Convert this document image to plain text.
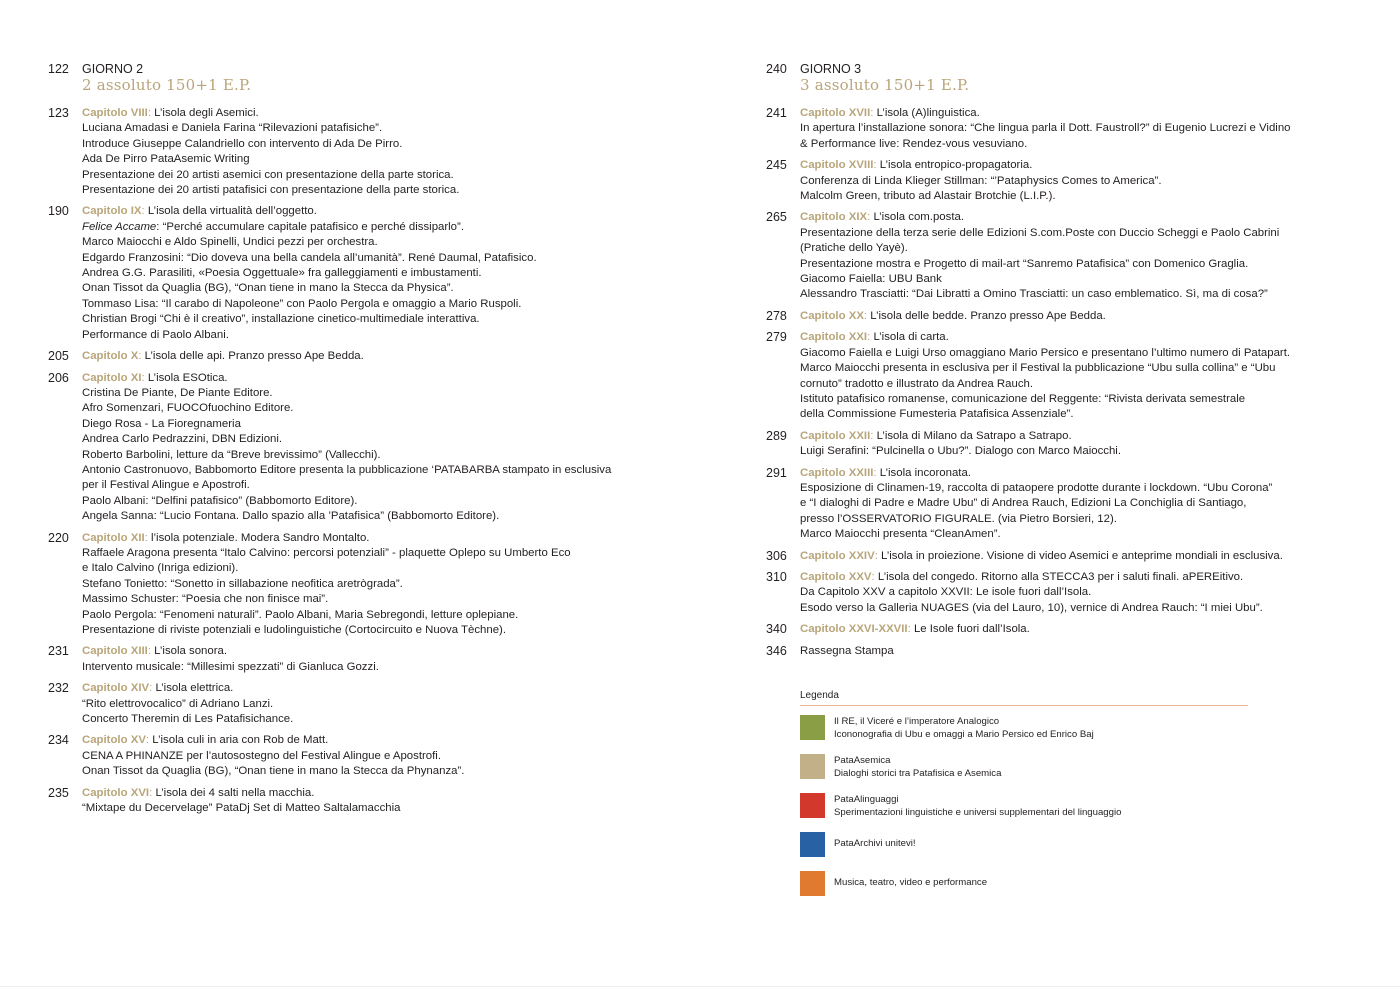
122 GIORNO 2
2 assoluto 150+1 E.P.
123 Capitolo VIII: L’isola degli Asemici.
Luciana Amadasi e Daniela Farina “Rilevazioni patafisiche”.
Introduce Giuseppe Calandriello con intervento di Ada De Pirro.
Ada De Pirro PataAsemic Writing
Presentazione dei 20 artisti asemici con presentazione della parte storica.
Presentazione dei 20 artisti patafisici con presentazione della parte storica.
190 Capitolo IX: L’isola della virtualità dell’oggetto.
Felice Accame: “Perché accumulare capitale patafisico e perché dissiparlo”.
Marco Maiocchi e Aldo Spinelli, Undici pezzi per orchestra.
Edgardo Franzosini: “Dio doveva una bella candela all’umanità”. René Daumal, Patafisico.
Andrea G.G. Parasiliti, «Poesia Oggettuale» fra galleggiamenti e imbustamenti.
Onan Tissot da Quaglia (BG), “Onan tiene in mano la Stecca da Physica”.
Tommaso Lisa: “Il carabo di Napoleone” con Paolo Pergola e omaggio a Mario Ruspoli.
Christian Brogi “Chi è il creativo”, installazione cinetico-multimediale interattiva.
Performance di Paolo Albani.
205 Capitolo X: L’isola delle api. Pranzo presso Ape Bedda.
206 Capitolo XI: L’isola ESOtica.
Cristina De Piante, De Piante Editore.
Afro Somenzari, FUOCOfuochino Editore.
Diego Rosa - La Fioregnameria
Andrea Carlo Pedrazzini, DBN Edizioni.
Roberto Barbolini, letture da “Breve brevissimo” (Vallecchi).
Antonio Castronuovo, Babbomorto Editore presenta la pubblicazione ‘PATABARBA stampato in esclusiva
per il Festival Alingue e Apostrofi.
Paolo Albani: “Delfini patafisico” (Babbomorto Editore).
Angela Sanna: “Lucio Fontana. Dallo spazio alla ’Patafisica” (Babbomorto Editore).
220 Capitolo XII: l’isola potenziale. Modera Sandro Montalto.
Raffaele Aragona presenta “Italo Calvino: percorsi potenziali” - plaquette Oplepo su Umberto Eco
e Italo Calvino (Inriga edizioni).
Stefano Tonietto: “Sonetto in sillabazione neofitica aretrògrada”.
Massimo Schuster: “Poesia che non finisce mai”.
Paolo Pergola: “Fenomeni naturali”. Paolo Albani, Maria Sebregondi, letture oplepiane.
Presentazione di riviste potenziali e ludolinguistiche (Cortocircuito e Nuova Tèchne).
231 Capitolo XIII: L’isola sonora.
Intervento musicale: “Millesimi spezzati” di Gianluca Gozzi.
232 Capitolo XIV: L’isola elettrica.
“Rito elettrovocalico” di Adriano Lanzi.
Concerto Theremin di Les Patafisichance.
234 Capitolo XV: L’isola culi in aria con Rob de Matt.
CENA A PHINANZE per l’autosostegno del Festival Alingue e Apostrofi.
Onan Tissot da Quaglia (BG), “Onan tiene in mano la Stecca da Phynanza”.
235 Capitolo XVI: L’isola dei 4 salti nella macchia.
“Mixtape du Decervelage” PataDj Set di Matteo Saltalamacchia
240 GIORNO 3
3 assoluto 150+1 E.P.
241 Capitolo XVII: L’isola (A)linguistica.
In apertura l’installazione sonora: “Che lingua parla il Dott. Faustroll?” di Eugenio Lucrezi e Vidino
& Performance live: Rendez-vous vesuviano.
245 Capitolo XVIII: L’isola entropico-propagatoria.
Conferenza di Linda Klieger Stillman: “’Pataphysics Comes to America”.
Malcolm Green, tributo ad Alastair Brotchie (L.I.P.).
265 Capitolo XIX: L’isola com.posta.
Presentazione della terza serie delle Edizioni S.com.Poste con Duccio Scheggi e Paolo Cabrini
(Pratiche dello Yayè).
Presentazione mostra e Progetto di mail-art “Sanremo Patafisica” con Domenico Graglia.
Giacomo Faiella: UBU Bank
Alessandro Trasciatti: “Dai Libratti a Omino Trasciatti: un caso emblematico. Sì, ma di cosa?”
278 Capitolo XX: L’isola delle bedde. Pranzo presso Ape Bedda.
279 Capitolo XXI: L’isola di carta.
Giacomo Faiella e Luigi Urso omaggiano Mario Persico e presentano l’ultimo numero di Patapart.
Marco Maiocchi presenta in esclusiva per il Festival la pubblicazione “Ubu sulla collina” e “Ubu
cornuto” tradotto e illustrato da Andrea Rauch.
Istituto patafisico romanense, comunicazione del Reggente: “Rivista derivata semestrale
della Commissione Fumesteria Patafisica Assenziale”.
289 Capitolo XXII: L’isola di Milano da Satrapo a Satrapo.
Luigi Serafini: “Pulcinella o Ubu?”. Dialogo con Marco Maiocchi.
291 Capitolo XXIII: L’isola incoronata.
Esposizione di Clinamen-19, raccolta di pataopere prodotte durante i lockdown. “Ubu Corona”
e “I dialoghi di Padre e Madre Ubu” di Andrea Rauch, Edizioni La Conchiglia di Santiago,
presso l’OSSERVATORIO FIGURALE. (via Pietro Borsieri, 12).
Marco Maiocchi presenta “CleanAmen”.
306 Capitolo XXIV: L’isola in proiezione. Visione di video Asemici e anteprime mondiali in esclusiva.
310 Capitolo XXV: L’isola del congedo. Ritorno alla STECCA3 per i saluti finali. aPEREitivo.
Da Capitolo XXV a capitolo XXVII: Le isole fuori dall’Isola.
Esodo verso la Galleria NUAGES (via del Lauro, 10), vernice di Andrea Rauch: “I miei Ubu”.
340 Capitolo XXVI-XXVII: Le Isole fuori dall’Isola.
346 Rassegna Stampa
Legenda
Il RE, il Viceré e l’imperatore Analogico
Icononografia di Ubu e omaggi a Mario Persico ed Enrico Baj
PataAsemica
Dialoghi storici tra Patafisica e Asemica
PataAlinguaggi
Sperimentazioni linguistiche e universi supplementari del linguaggio
PataArchivi unitevi!
Musica, teatro, video e performance
